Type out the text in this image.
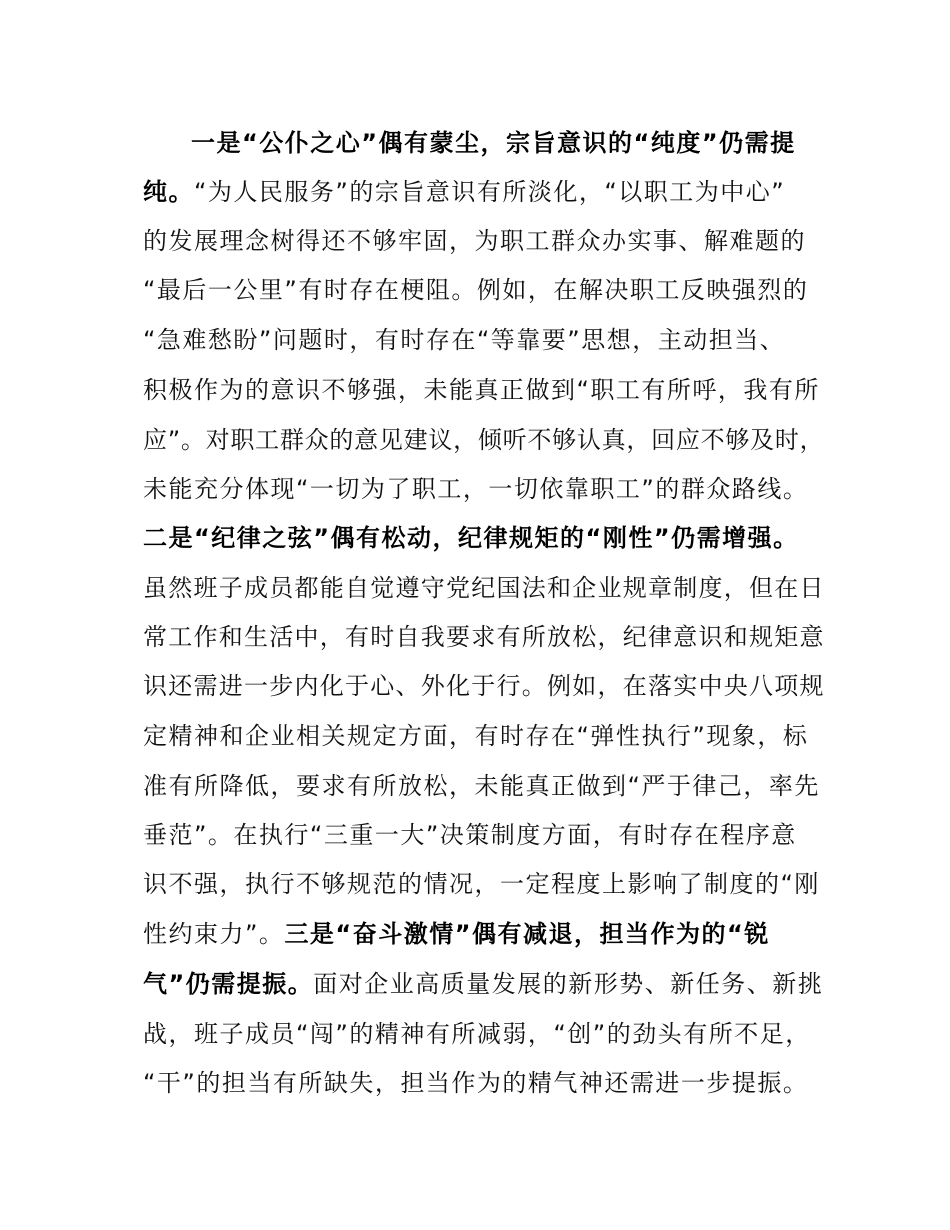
一是“公仆之心”偶有蒙尘，宗旨意识的“纯度”仍需提
纯。“为人民服务”的宗旨意识有所淡化，“以职工为中心”
的发展理念树得还不够牢固，为职工群众办实事、解难题的
“最后一公里”有时存在梗阻。例如，在解决职工反映强烈的
“急难愁盼”问题时，有时存在“等靠要”思想，主动担当、
积极作为的意识不够强，未能真正做到“职工有所呼，我有所
应”。对职工群众的意见建议，倾听不够认真，回应不够及时，
未能充分体现“一切为了职工，一切依靠职工”的群众路线。
二是“纪律之弦”偶有松动，纪律规矩的“刚性”仍需增强。
虽然班子成员都能自觉遵守党纪国法和企业规章制度，但在日
常工作和生活中，有时自我要求有所放松，纪律意识和规矩意
识还需进一步内化于心、外化于行。例如，在落实中央八项规
定精神和企业相关规定方面，有时存在“弹性执行”现象，标
准有所降低，要求有所放松，未能真正做到“严于律己，率先
垂范”。在执行“三重一大”决策制度方面，有时存在程序意
识不强，执行不够规范的情况，一定程度上影响了制度的“刚
性约束力”。三是“奋斗激情”偶有减退，担当作为的“锐
气”仍需提振。面对企业高质量发展的新形势、新任务、新挑
战，班子成员“闯”的精神有所减弱，“创”的劲头有所不足，
“干”的担当有所缺失，担当作为的精气神还需进一步提振。
